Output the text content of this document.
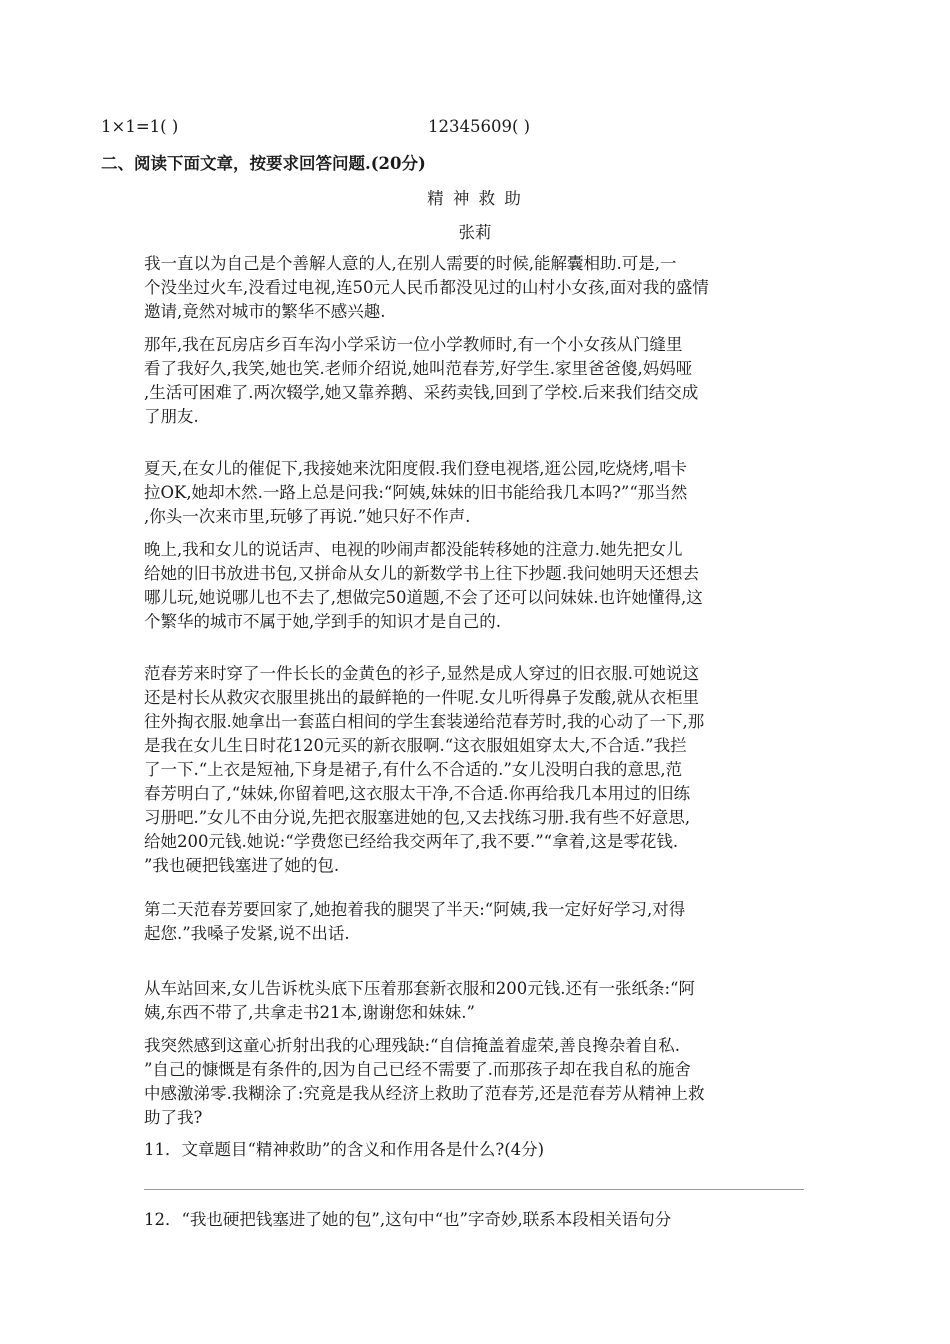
1×1=1( )	12345609( )
二、阅读下面文章，按要求回答问题.(20分)
精 神 救 助
张莉
我一直以为自己是个善解人意的人,在别人需要的时候,能解囊相助.可是,一
个没坐过火车,没看过电视,连50元人民币都没见过的山村小女孩,面对我的盛情
邀请,竟然对城市的繁华不感兴趣.
那年,我在瓦房店乡百车沟小学采访一位小学教师时,有一个小女孩从门缝里
看了我好久,我笑,她也笑.老师介绍说,她叫范春芳,好学生.家里爸爸傻,妈妈哑
,生活可困难了.两次辍学,她又靠养鹅、采药卖钱,回到了学校.后来我们结交成
了朋友.
夏天,在女儿的催促下,我接她来沈阳度假.我们登电视塔,逛公园,吃烧烤,唱卡
拉OK,她却木然.一路上总是问我:“阿姨,妹妹的旧书能给我几本吗?”“那当然
,你头一次来市里,玩够了再说.”她只好不作声.
晚上,我和女儿的说话声、电视的吵闹声都没能转移她的注意力.她先把女儿
给她的旧书放进书包,又拼命从女儿的新数学书上往下抄题.我问她明天还想去
哪儿玩,她说哪儿也不去了,想做完50道题,不会了还可以问妹妹.也许她懂得,这
个繁华的城市不属于她,学到手的知识才是自己的.
范春芳来时穿了一件长长的金黄色的衫子,显然是成人穿过的旧衣服.可她说这
还是村长从救灾衣服里挑出的最鲜艳的一件呢.女儿听得鼻子发酸,就从衣柜里
往外掏衣服.她拿出一套蓝白相间的学生套装递给范春芳时,我的心动了一下,那
是我在女儿生日时花120元买的新衣服啊.“这衣服姐姐穿太大,不合适.”我拦
了一下.“上衣是短袖,下身是裙子,有什么不合适的.”女儿没明白我的意思,范
春芳明白了,“妹妹,你留着吧,这衣服太干净,不合适.你再给我几本用过的旧练
习册吧.”女儿不由分说,先把衣服塞进她的包,又去找练习册.我有些不好意思,
给她200元钱.她说:“学费您已经给我交两年了,我不要.”“拿着,这是零花钱.
”我也硬把钱塞进了她的包.
第二天范春芳要回家了,她抱着我的腿哭了半天:“阿姨,我一定好好学习,对得
起您.”我嗓子发紧,说不出话.
从车站回来,女儿告诉枕头底下压着那套新衣服和200元钱.还有一张纸条:“阿
姨,东西不带了,共拿走书21本,谢谢您和妹妹.”
我突然感到这童心折射出我的心理残缺:“自信掩盖着虚荣,善良搀杂着自私.
”自己的慷慨是有条件的,因为自己已经不需要了.而那孩子却在我自私的施舍
中感激涕零.我糊涂了:究竟是我从经济上救助了范春芳,还是范春芳从精神上救
助了我?
11．文章题目“精神救助”的含义和作用各是什么?(4分)
12．“我也硬把钱塞进了她的包”,这句中“也”字奇妙,联系本段相关语句分
